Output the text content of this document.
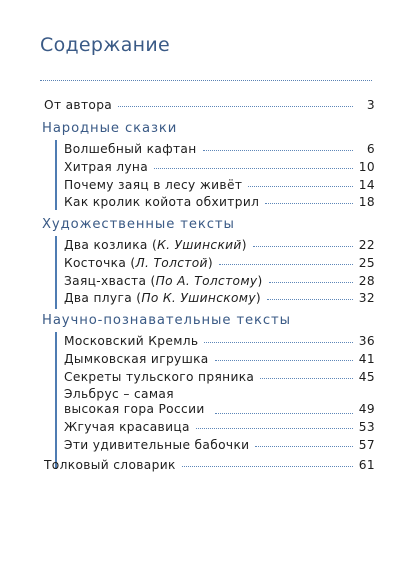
Содержание
От автора	3
Народные сказки
Волшебный кафтан	6
Хитрая луна	10
Почему заяц в лесу живёт	14
Как кролик койота обхитрил	18
Художественные тексты
Два козлика (К. Ушинский)	22
Косточка (Л. Толстой)	25
Заяц-хваста (По А. Толстому)	28
Два плуга (По К. Ушинскому)	32
Научно-познавательные тексты
Московский Кремль	36
Дымковская игрушка	41
Секреты тульского пряника	45
Эльбрус – самая высокая гора России	49
Жгучая красавица	53
Эти удивительные бабочки	57
Толковый словарик	61
